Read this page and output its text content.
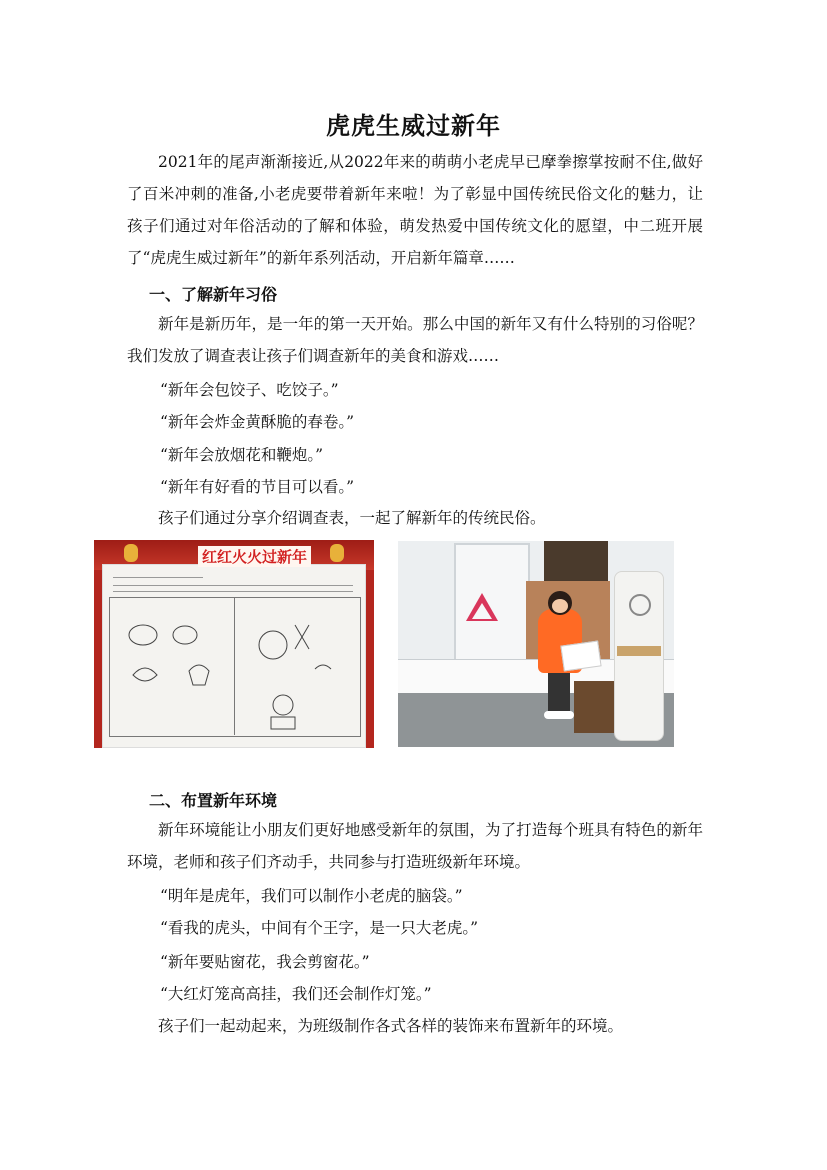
虎虎生威过新年

2021年的尾声渐渐接近,从2022年来的萌萌小老虎早已摩拳擦掌按耐不住,做好了百米冲刺的准备,小老虎要带着新年来啦！为了彰显中国传统民俗文化的魅力，让孩子们通过对年俗活动的了解和体验，萌发热爱中国传统文化的愿望，中二班开展了“虎虎生威过新年”的新年系列活动，开启新年篇章……

一、了解新年习俗

新年是新历年，是一年的第一天开始。那么中国的新年又有什么特别的习俗呢？我们发放了调查表让孩子们调查新年的美食和游戏……

“新年会包饺子、吃饺子。”

“新年会炸金黄酥脆的春卷。”

“新年会放烟花和鞭炮。”

“新年有好看的节目可以看。”

孩子们通过分享介绍调查表，一起了解新年的传统民俗。

红红火火过新年

二、布置新年环境

新年环境能让小朋友们更好地感受新年的氛围，为了打造每个班具有特色的新年环境，老师和孩子们齐动手，共同参与打造班级新年环境。

“明年是虎年，我们可以制作小老虎的脑袋。”

“看我的虎头，中间有个王字，是一只大老虎。”

“新年要贴窗花，我会剪窗花。”

“大红灯笼高高挂，我们还会制作灯笼。”

孩子们一起动起来，为班级制作各式各样的装饰来布置新年的环境。
